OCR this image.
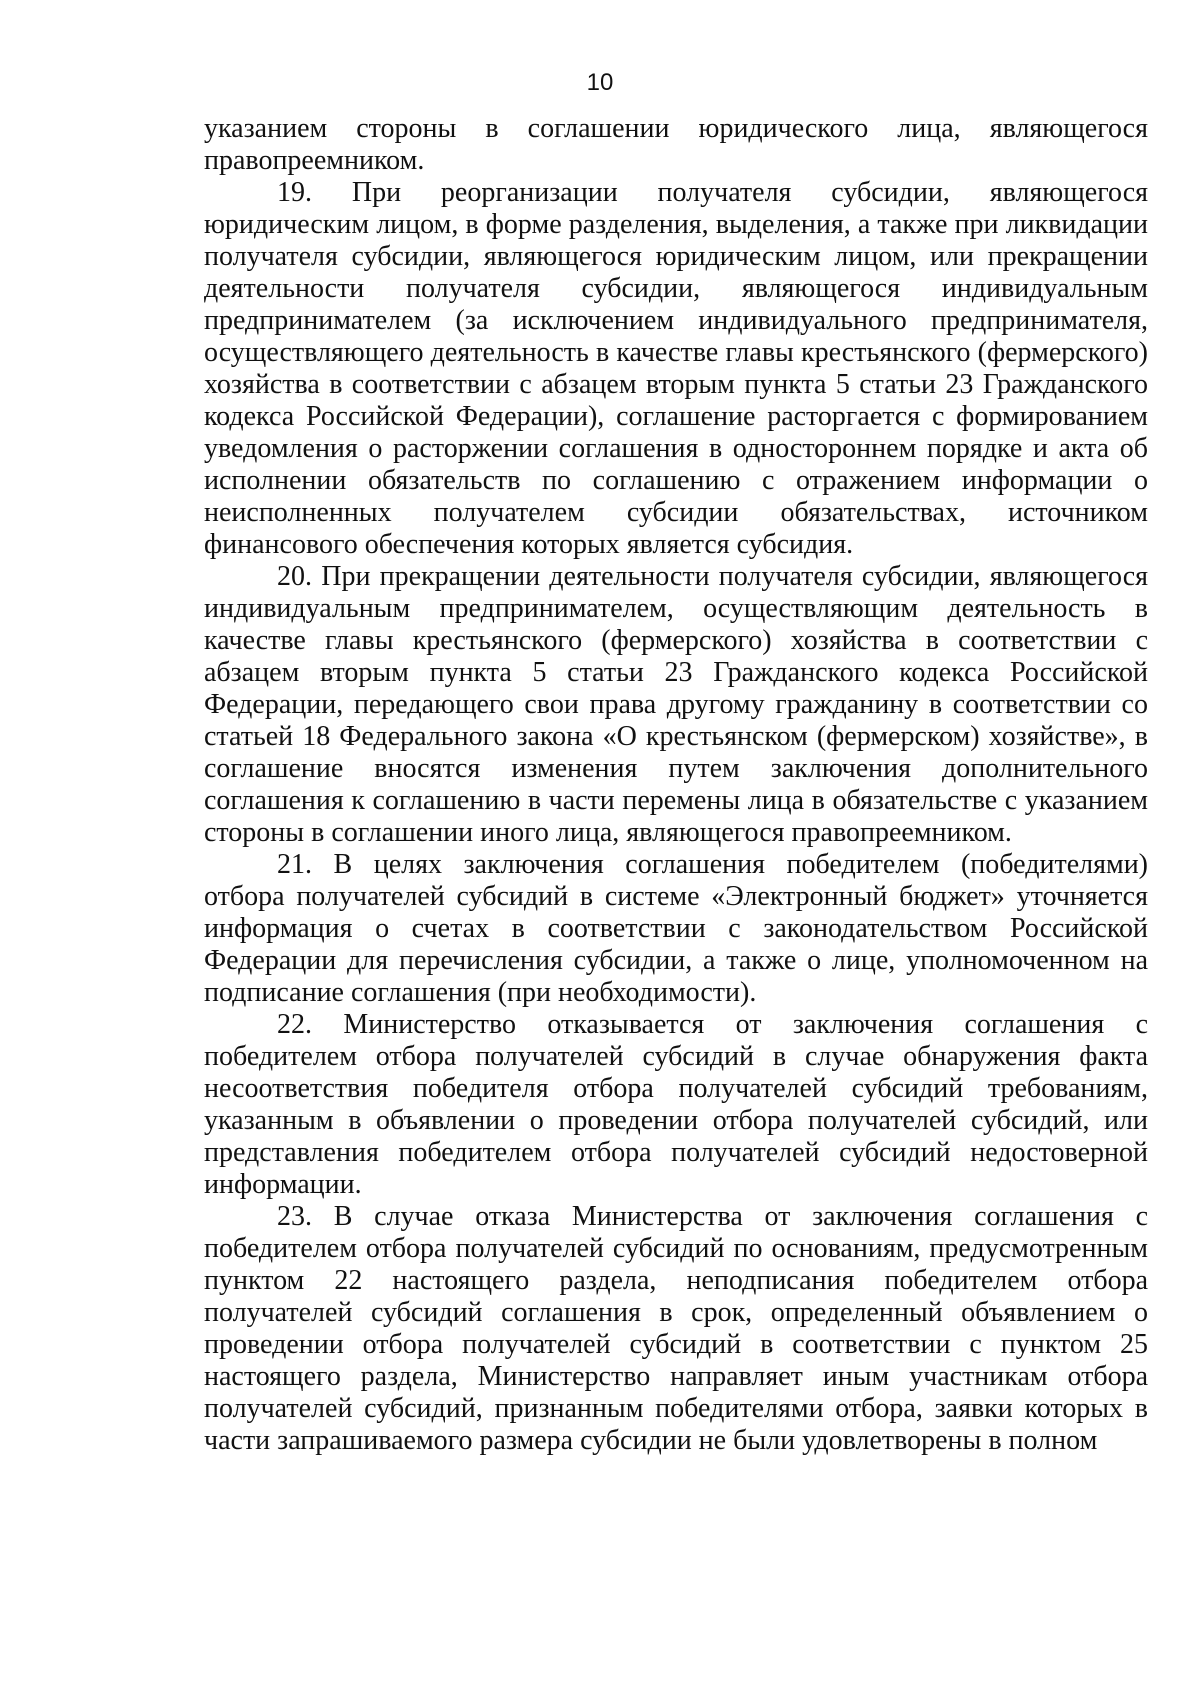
10

указанием стороны в соглашении юридического лица, являющегося правопреемником.

19. При реорганизации получателя субсидии, являющегося юридическим лицом, в форме разделения, выделения, а также при ликвидации получателя субсидии, являющегося юридическим лицом, или прекращении деятельности получателя субсидии, являющегося индивидуальным предпринимателем (за исключением индивидуального предпринимателя, осуществляющего деятельность в качестве главы крестьянского (фермерского) хозяйства в соответствии с абзацем вторым пункта 5 статьи 23 Гражданского кодекса Российской Федерации), соглашение расторгается с формированием уведомления о расторжении соглашения в одностороннем порядке и акта об исполнении обязательств по соглашению с отражением информации о неисполненных получателем субсидии обязательствах, источником финансового обеспечения которых является субсидия.

20. При прекращении деятельности получателя субсидии, являющегося индивидуальным предпринимателем, осуществляющим деятельность в качестве главы крестьянского (фермерского) хозяйства в соответствии с абзацем вторым пункта 5 статьи 23 Гражданского кодекса Российской Федерации, передающего свои права другому гражданину в соответствии со статьей 18 Федерального закона «О крестьянском (фермерском) хозяйстве», в соглашение вносятся изменения путем заключения дополнительного соглашения к соглашению в части перемены лица в обязательстве с указанием стороны в соглашении иного лица, являющегося правопреемником.

21. В целях заключения соглашения победителем (победителями) отбора получателей субсидий в системе «Электронный бюджет» уточняется информация о счетах в соответствии с законодательством Российской Федерации для перечисления субсидии, а также о лице, уполномоченном на подписание соглашения (при необходимости).

22. Министерство отказывается от заключения соглашения с победителем отбора получателей субсидий в случае обнаружения факта несоответствия победителя отбора получателей субсидий требованиям, указанным в объявлении о проведении отбора получателей субсидий, или представления победителем отбора получателей субсидий недостоверной информации.

23. В случае отказа Министерства от заключения соглашения с победителем отбора получателей субсидий по основаниям, предусмотренным пунктом 22 настоящего раздела, неподписания победителем отбора получателей субсидий соглашения в срок, определенный объявлением о проведении отбора получателей субсидий в соответствии с пунктом 25 настоящего раздела, Министерство направляет иным участникам отбора получателей субсидий, признанным победителями отбора, заявки которых в части запрашиваемого размера субсидии не были удовлетворены в полном
